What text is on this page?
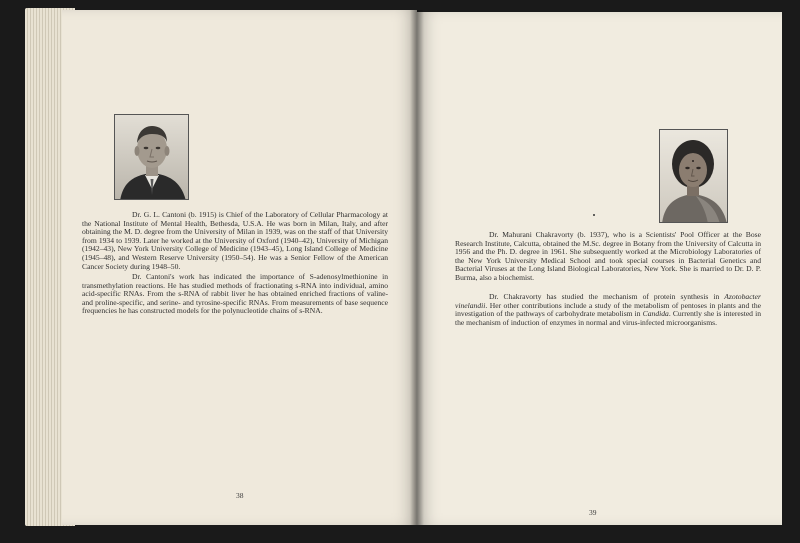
Dr. G. L. Cantoni (b. 1915) is Chief of the Laboratory of Cellular Pharmacology at the National Institute of Mental Health, Bethesda, U.S.A. He was born in Milan, Italy, and after obtaining the M. D. degree from the University of Milan in 1939, was on the staff of that University from 1934 to 1939. Later he worked at the University of Oxford (1940–42), University of Michigan (1942–43), New York University College of Medicine (1943–45), Long Island College of Medicine (1945–48), and Western Reserve University (1950–54). He was a Senior Fellow of the American Cancer Society during 1948–50.

Dr. Cantoni's work has indicated the importance of S-adenosylmethionine in transmethylation reactions. He has studied methods of fractionating s-RNA into individual, amino acid-specific RNAs. From the s-RNA of rabbit liver he has obtained enriched fractions of valine- and proline-specific, and serine- and tyrosine-specific RNAs. From measurements of base sequence frequencies he has constructed models for the polynucleotide chains of s-RNA.

38

Dr. Mahurani Chakravorty (b. 1937), who is a Scientists' Pool Officer at the Bose Research Institute, Calcutta, obtained the M.Sc. degree in Botany from the University of Calcutta in 1956 and the Ph. D. degree in 1961. She subsequently worked at the Microbiology Laboratories of the New York University Medical School and took special courses in Bacterial Genetics and Bacterial Viruses at the Long Island Biological Laboratories, New York. She is married to Dr. D. P. Burma, also a biochemist.

Dr. Chakravorty has studied the mechanism of protein synthesis in Azotobacter vinelandii. Her other contributions include a study of the metabolism of pentoses in plants and the investigation of the pathways of carbohydrate metabolism in Candida. Currently she is interested in the mechanism of induction of enzymes in normal and virus-infected microorganisms.

39
